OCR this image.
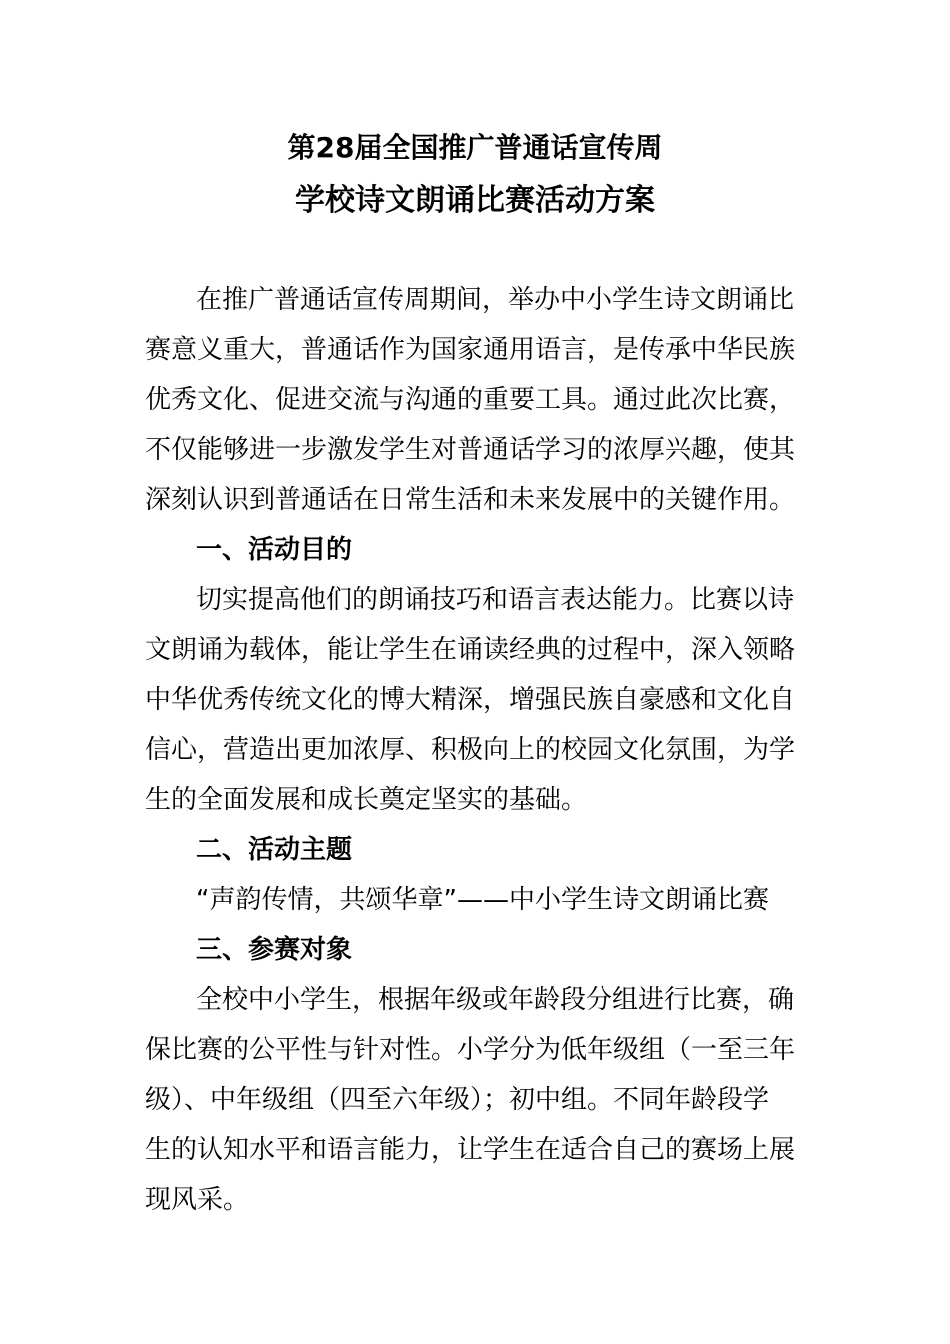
第28届全国推广普通话宣传周
学校诗文朗诵比赛活动方案
在推广普通话宣传周期间，举办中小学生诗文朗诵比
赛意义重大，普通话作为国家通用语言，是传承中华民族
优秀文化、促进交流与沟通的重要工具。通过此次比赛，
不仅能够进一步激发学生对普通话学习的浓厚兴趣，使其
深刻认识到普通话在日常生活和未来发展中的关键作用。
一、活动目的
切实提高他们的朗诵技巧和语言表达能力。比赛以诗
文朗诵为载体，能让学生在诵读经典的过程中，深入领略
中华优秀传统文化的博大精深，增强民族自豪感和文化自
信心，营造出更加浓厚、积极向上的校园文化氛围，为学
生的全面发展和成长奠定坚实的基础。
二、活动主题
“声韵传情，共颂华章”——中小学生诗文朗诵比赛
三、参赛对象
全校中小学生，根据年级或年龄段分组进行比赛，确
保比赛的公平性与针对性。小学分为低年级组（一至三年
级）、中年级组（四至六年级）；初中组。不同年龄段学
生的认知水平和语言能力，让学生在适合自己的赛场上展
现风采。
